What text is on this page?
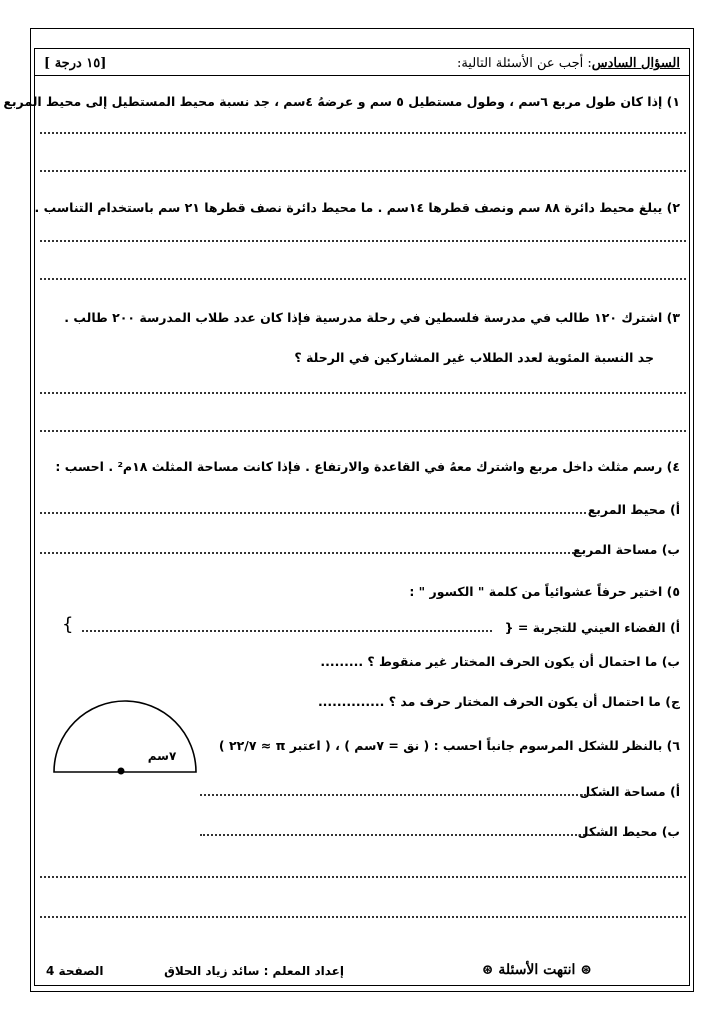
السؤال السادس: أجب عن الأسئلة التالية:
[ ١٥ درجة]
١) إذا كان طول مربع ٦سم ، وطول مستطيل ٥ سم و عرضهُ ٤سم ، جد نسبة محيط المستطيل إلى محيط المربع
٢) يبلغ محيط دائرة ٨٨ سم ونصف قطرها ١٤سم . ما محيط دائرة نصف قطرها ٢١ سم باستخدام التناسب .
٣) اشترك ١٢٠ طالب في مدرسة فلسطين في رحلة مدرسية فإذا كان عدد طلاب المدرسة ٢٠٠ طالب .
جد النسبة المئوية لعدد الطلاب غير المشاركين في الرحلة ؟
٤) رسم مثلث داخل مربع واشترك معهُ في القاعدة والارتفاع . فإذا كانت مساحة المثلث ١٨م² . احسب :
أ) محيط المربع
ب) مساحة المربع
٥) اختير حرفاً عشوائياً من كلمة " الكسور " :
أ) الفضاء العيني للتجربة = {
}
ب) ما احتمال أن يكون الحرف المختار غير منقوط ؟ .........
ج) ما احتمال أن يكون الحرف المختار حرف مد ؟ ..............
٦) بالنظر للشكل المرسوم جانباً احسب : ( نق = ٧سم ) ، ( اعتبر π ≈ ٢٢/٧ )
٧سم
أ) مساحة الشكل
ب) محيط الشكل
⊛ انتهت الأسئلة ⊛
إعداد المعلم : سائد زياد الحلاق
الصفحة 4
